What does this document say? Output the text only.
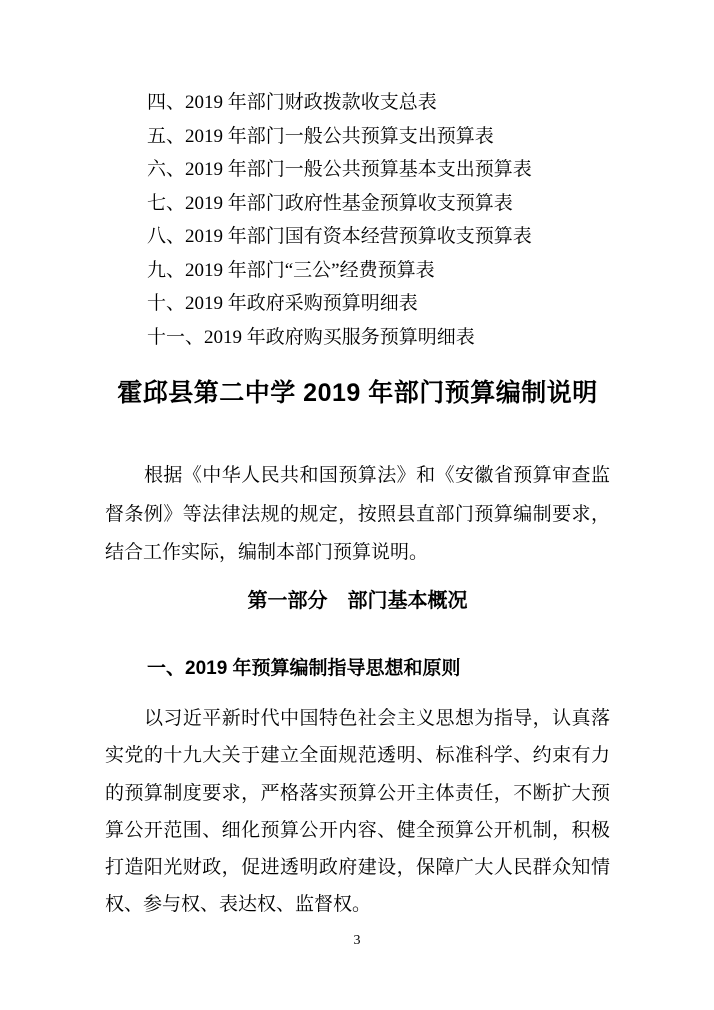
四、2019 年部门财政拨款收支总表
五、2019 年部门一般公共预算支出预算表
六、2019 年部门一般公共预算基本支出预算表
七、2019 年部门政府性基金预算收支预算表
八、2019 年部门国有资本经营预算收支预算表
九、2019 年部门“三公”经费预算表
十、2019 年政府采购预算明细表
十一、2019 年政府购买服务预算明细表
霍邱县第二中学 2019 年部门预算编制说明

根据《中华人民共和国预算法》和《安徽省预算审查监督条例》等法律法规的规定，按照县直部门预算编制要求，结合工作实际，编制本部门预算说明。

第一部分　部门基本概况
一、2019 年预算编制指导思想和原则

以习近平新时代中国特色社会主义思想为指导，认真落实党的十九大关于建立全面规范透明、标准科学、约束有力的预算制度要求，严格落实预算公开主体责任，不断扩大预算公开范围、细化预算公开内容、健全预算公开机制，积极打造阳光财政，促进透明政府建设，保障广大人民群众知情权、参与权、表达权、监督权。

3
